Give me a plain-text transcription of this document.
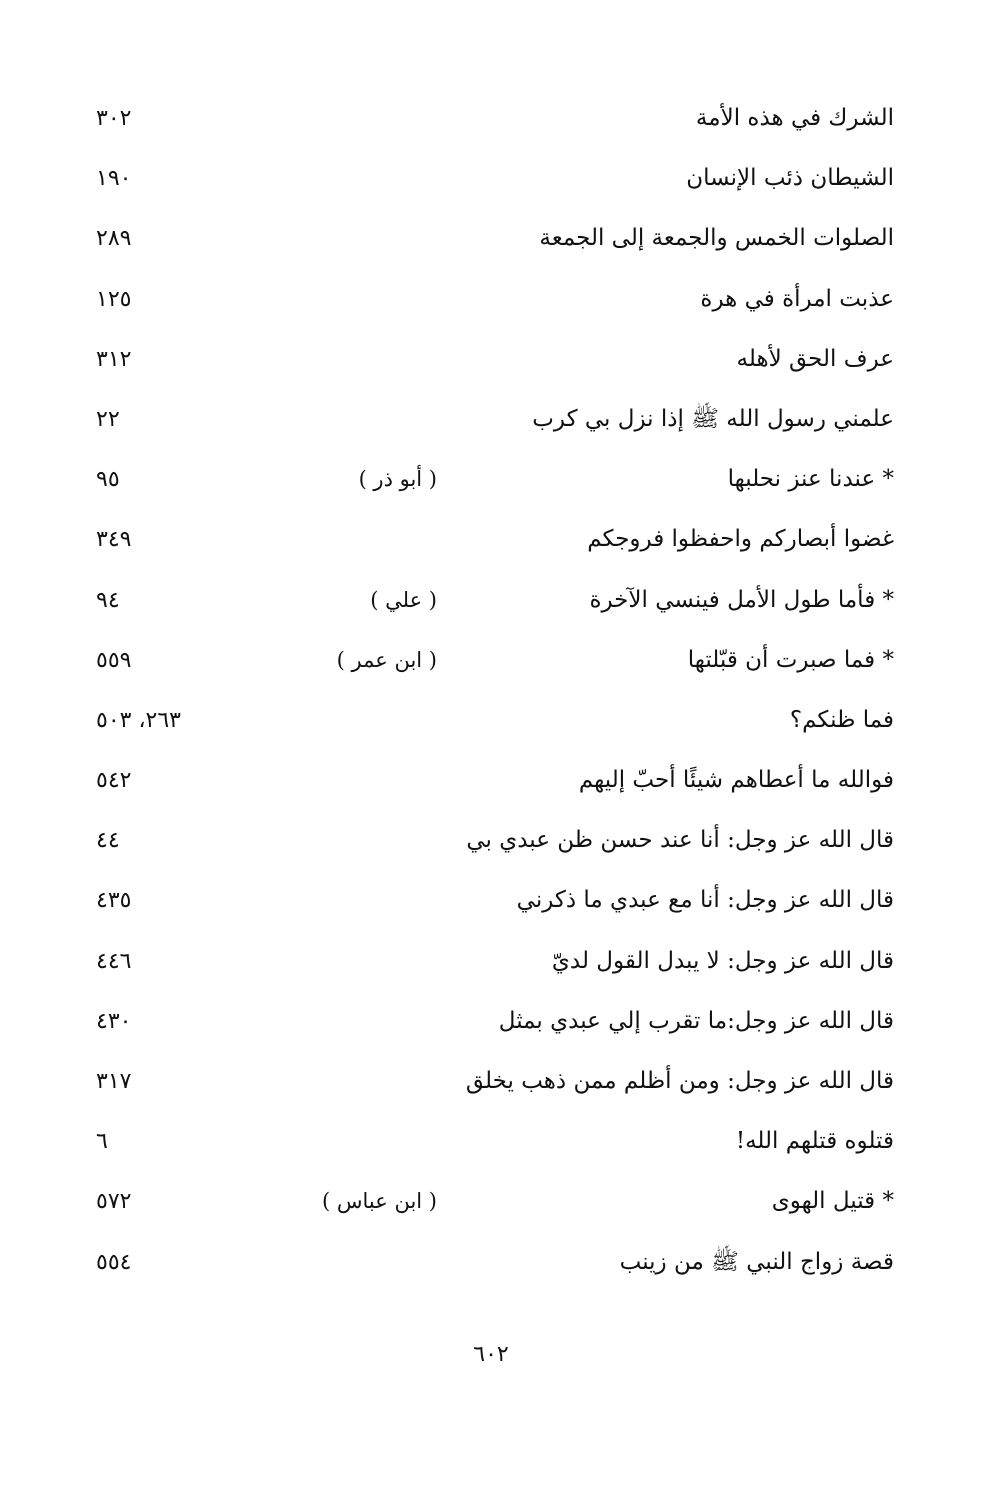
الشرك في هذه الأمة
٣٠٢
الشيطان ذئب الإنسان
١٩٠
الصلوات الخمس والجمعة إلى الجمعة
٢٨٩
عذبت امرأة في هرة
١٢٥
عرف الحق لأهله
٣١٢
علمني رسول الله ﷺ إذا نزل بي كرب
٢٢
* عندنا عنز نحلبها
( أبو ذر )
٩٥
غضوا أبصاركم واحفظوا فروجكم
٣٤٩
* فأما طول الأمل فينسي الآخرة
( علي )
٩٤
* فما صبرت أن قبّلتها
( ابن عمر )
٥٥٩
فما ظنكم؟
٢٦٣، ٥٠٣
فوالله ما أعطاهم شيئًا أحبّ إليهم
٥٤٢
قال الله عز وجل: أنا عند حسن ظن عبدي بي
٤٤
قال الله عز وجل: أنا مع عبدي ما ذكرني
٤٣٥
قال الله عز وجل: لا يبدل القول لديّ
٤٤٦
قال الله عز وجل:ما تقرب إلي عبدي بمثل
٤٣٠
قال الله عز وجل: ومن أظلم ممن ذهب يخلق
٣١٧
قتلوه قتلهم الله!
٦
* قتيل الهوى
( ابن عباس )
٥٧٢
قصة زواج النبي ﷺ من زينب
٥٥٤
٦٠٢
